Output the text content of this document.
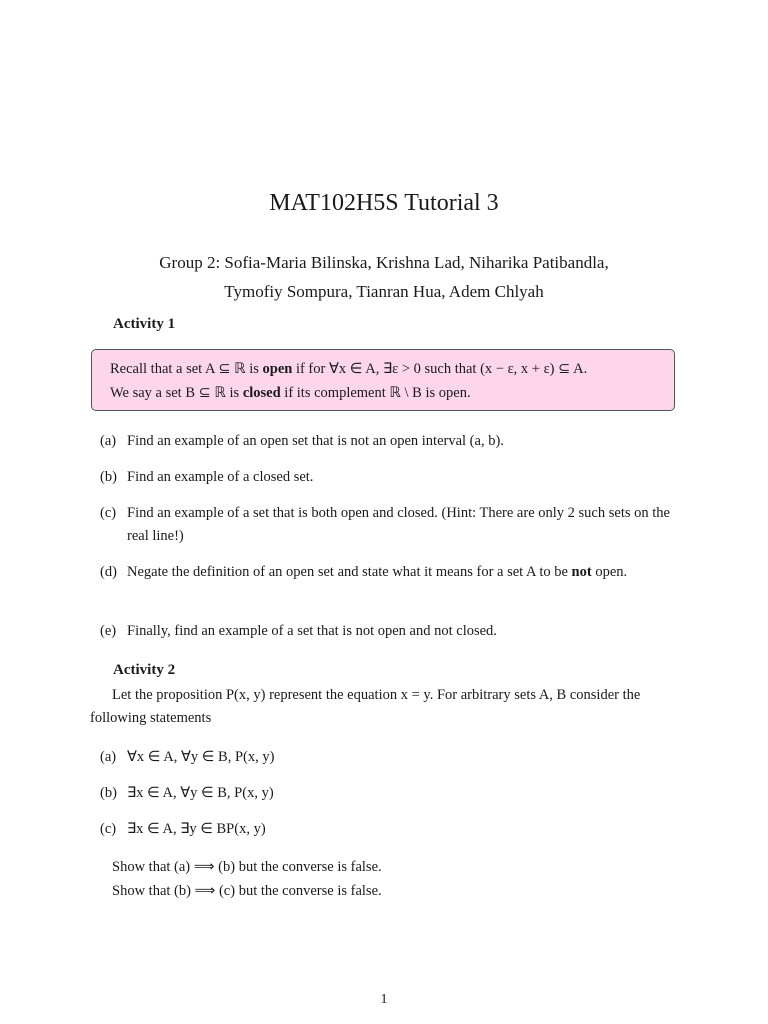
MAT102H5S Tutorial 3
Group 2: Sofia-Maria Bilinska, Krishna Lad, Niharika Patibandla,
Tymofiy Sompura, Tianran Hua, Adem Chlyah
Activity 1
Recall that a set A ⊆ ℝ is open if for ∀x ∈ A, ∃ε > 0 such that (x − ε, x + ε) ⊆ A.
We say a set B ⊆ ℝ is closed if its complement ℝ \ B is open.
(a) Find an example of an open set that is not an open interval (a, b).
(b) Find an example of a closed set.
(c) Find an example of a set that is both open and closed. (Hint: There are only 2 such sets on the real line!)
(d) Negate the definition of an open set and state what it means for a set A to be not open.
(e) Finally, find an example of a set that is not open and not closed.
Activity 2
Let the proposition P(x, y) represent the equation x = y. For arbitrary sets A, B consider the following statements
(a) ∀x ∈ A, ∀y ∈ B, P(x, y)
(b) ∃x ∈ A, ∀y ∈ B, P(x, y)
(c) ∃x ∈ A, ∃y ∈ BP(x, y)
Show that (a) ⟹ (b) but the converse is false.
Show that (b) ⟹ (c) but the converse is false.
1
